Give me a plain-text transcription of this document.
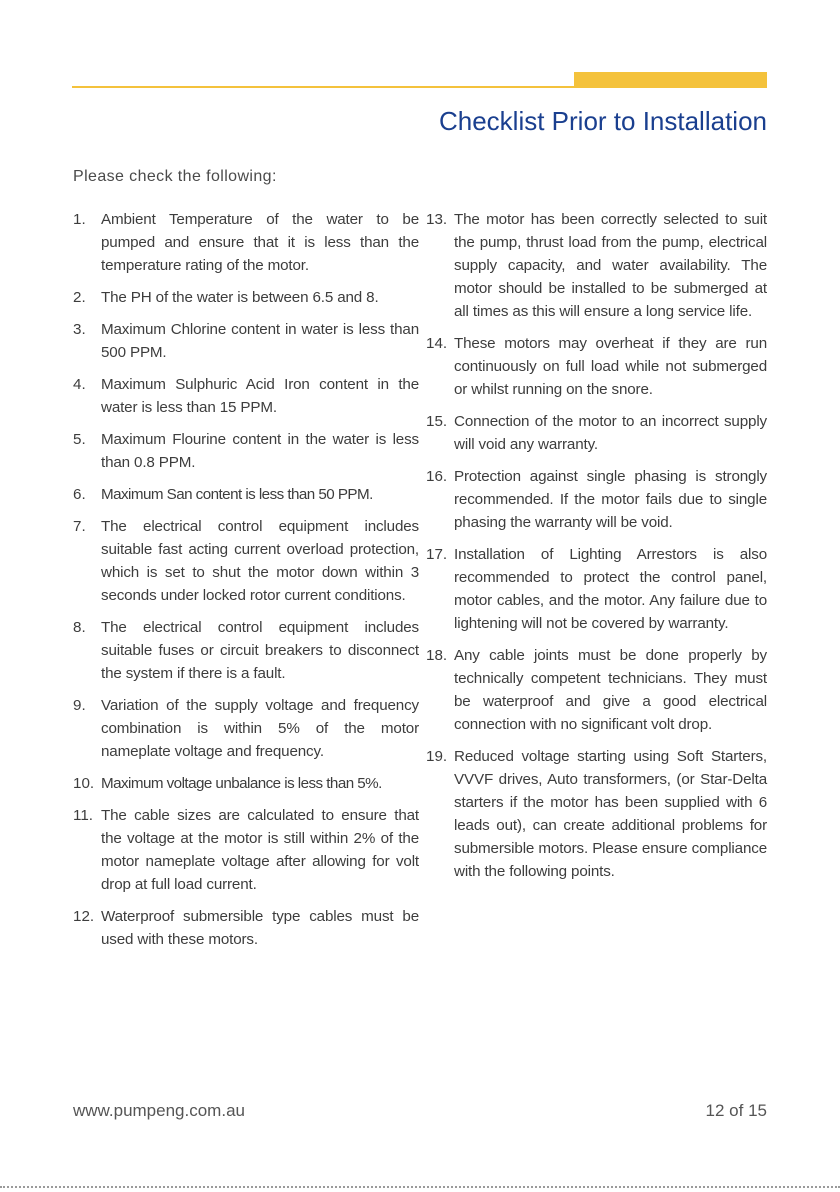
Checklist Prior to Installation
Please check the following:
1.	Ambient Temperature of the water to be pumped and ensure that it is less than the temperature rating of the motor.
2.	The PH of the water is between 6.5 and 8.
3.	Maximum Chlorine content in water is less than 500 PPM.
4.	Maximum Sulphuric Acid Iron content in the water is less than 15 PPM.
5.	Maximum Flourine content in the water is less than 0.8 PPM.
6.	Maximum San content is less than 50 PPM.
7.	The electrical control equipment includes suitable fast acting current overload protection, which is set to shut the motor down within 3 seconds under locked rotor current conditions.
8.	The electrical control equipment includes suitable fuses or circuit breakers to disconnect the system if there is a fault.
9.	Variation of the supply voltage and frequency combination is within 5% of the motor nameplate voltage and frequency.
10. Maximum voltage unbalance is less than 5%.
11. The cable sizes are calculated to ensure that the voltage at the motor is still within 2% of the motor nameplate voltage after allowing for volt drop at full load current.
12. Waterproof submersible type cables must be used with these motors.
13. The motor has been correctly selected to suit the pump, thrust load from the pump, electrical supply capacity, and water availability. The motor should be installed to be submerged at all times as this will ensure a long service life.
14. These motors may overheat if they are run continuously on full load while not submerged or whilst running on the snore.
15. Connection of the motor to an incorrect supply will void any warranty.
16. Protection against single phasing is strongly recommended. If the motor fails due to single phasing the warranty will be void.
17. Installation of Lighting Arrestors is also recommended to protect the control panel, motor cables, and the motor. Any failure due to lightening will not be covered by warranty.
18. Any cable joints must be done properly by technically competent technicians. They must be waterproof and give a good electrical connection with no significant volt drop.
19. Reduced voltage starting using Soft Starters, VVVF drives, Auto transformers, (or Star-Delta starters if the motor has been supplied with 6 leads out), can create additional problems for submersible motors. Please ensure compliance with the following points.
www.pumpeng.com.au	12 of 15
